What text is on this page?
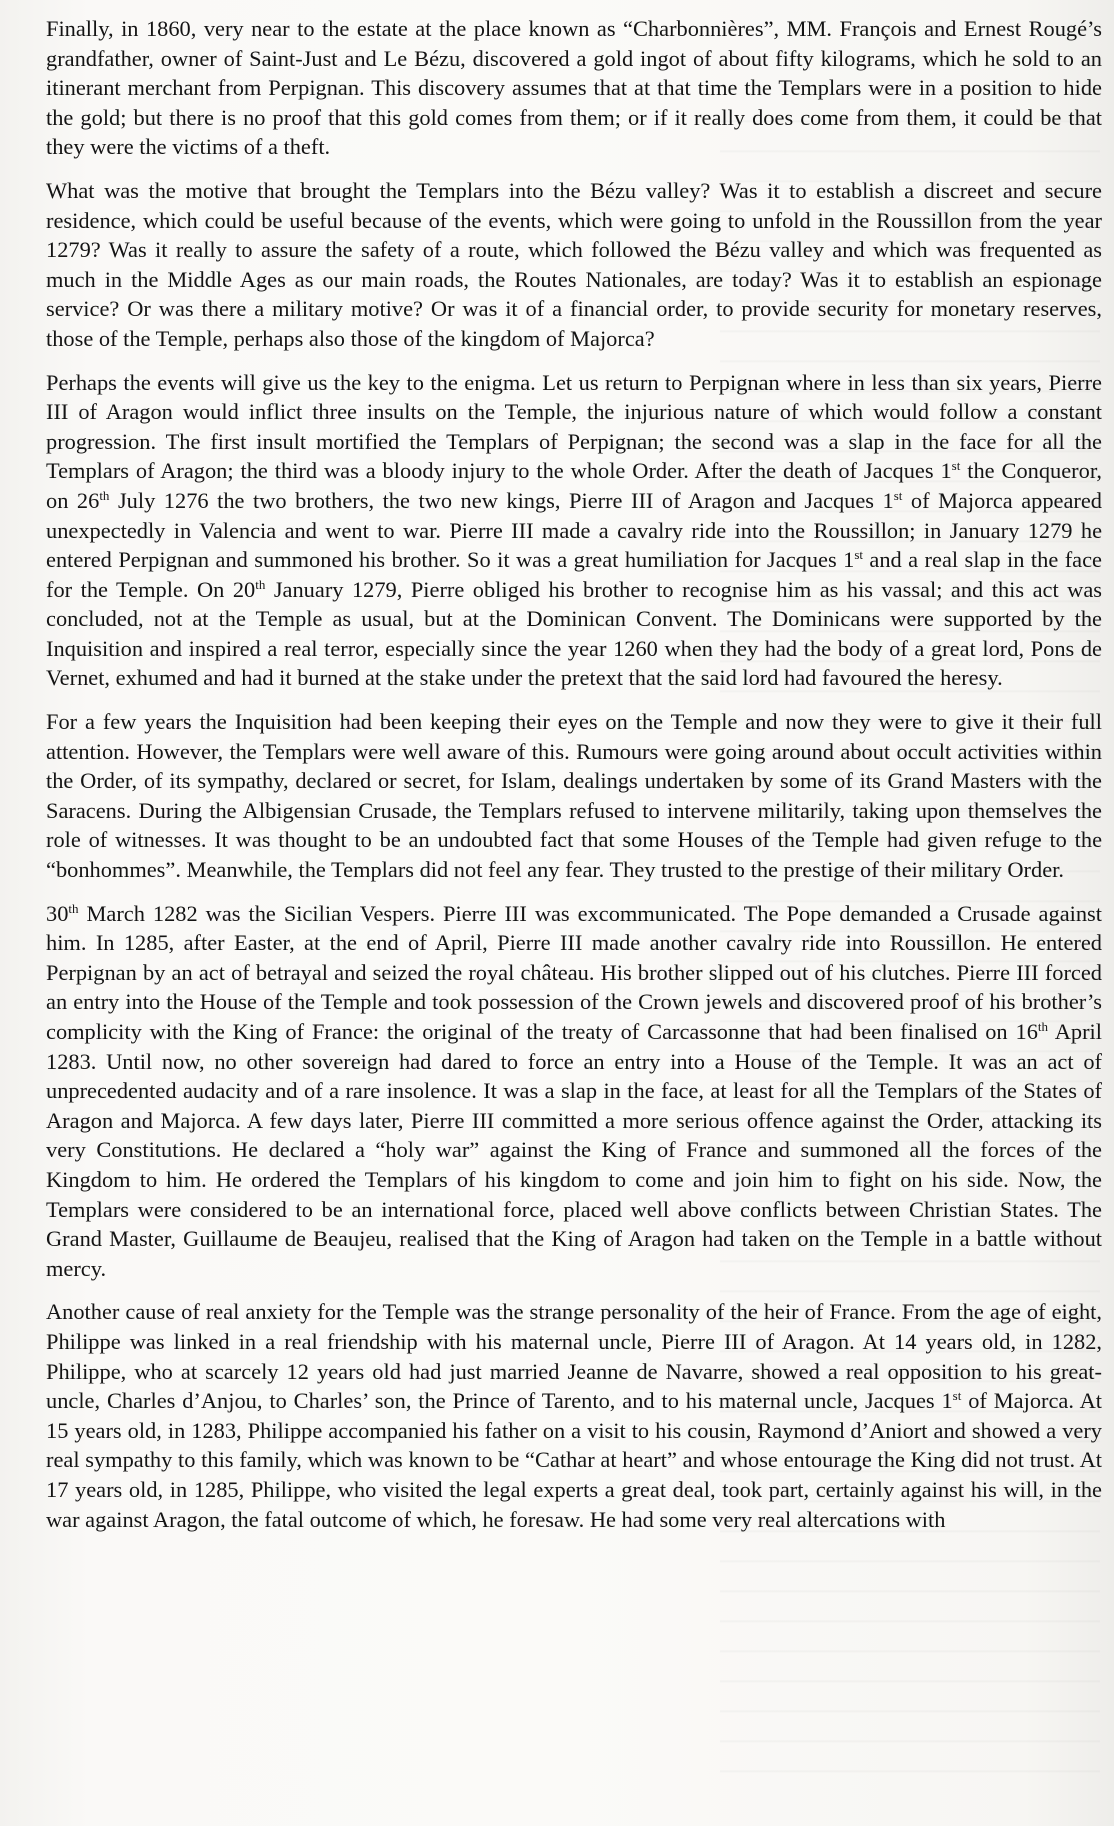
Finally, in 1860, very near to the estate at the place known as “Charbonnières”, MM. François and Ernest Rougé’s grandfather, owner of Saint-Just and Le Bézu, discovered a gold ingot of about fifty kilograms, which he sold to an itinerant merchant from Perpignan. This discovery assumes that at that time the Templars were in a position to hide the gold; but there is no proof that this gold comes from them; or if it really does come from them, it could be that they were the victims of a theft.

What was the motive that brought the Templars into the Bézu valley? Was it to establish a discreet and secure residence, which could be useful because of the events, which were going to unfold in the Roussillon from the year 1279? Was it really to assure the safety of a route, which followed the Bézu valley and which was frequented as much in the Middle Ages as our main roads, the Routes Nationales, are today? Was it to establish an espionage service? Or was there a military motive? Or was it of a financial order, to provide security for monetary reserves, those of the Temple, perhaps also those of the kingdom of Majorca?

Perhaps the events will give us the key to the enigma. Let us return to Perpignan where in less than six years, Pierre III of Aragon would inflict three insults on the Temple, the injurious nature of which would follow a constant progression. The first insult mortified the Templars of Perpignan; the second was a slap in the face for all the Templars of Aragon; the third was a bloody injury to the whole Order. After the death of Jacques 1st the Conqueror, on 26th July 1276 the two brothers, the two new kings, Pierre III of Aragon and Jacques 1st of Majorca appeared unexpectedly in Valencia and went to war. Pierre III made a cavalry ride into the Roussillon; in January 1279 he entered Perpignan and summoned his brother. So it was a great humiliation for Jacques 1st and a real slap in the face for the Temple. On 20th January 1279, Pierre obliged his brother to recognise him as his vassal; and this act was concluded, not at the Temple as usual, but at the Dominican Convent. The Dominicans were supported by the Inquisition and inspired a real terror, especially since the year 1260 when they had the body of a great lord, Pons de Vernet, exhumed and had it burned at the stake under the pretext that the said lord had favoured the heresy.

For a few years the Inquisition had been keeping their eyes on the Temple and now they were to give it their full attention. However, the Templars were well aware of this. Rumours were going around about occult activities within the Order, of its sympathy, declared or secret, for Islam, dealings undertaken by some of its Grand Masters with the Saracens. During the Albigensian Crusade, the Templars refused to intervene militarily, taking upon themselves the role of witnesses. It was thought to be an undoubted fact that some Houses of the Temple had given refuge to the “bonhommes”. Meanwhile, the Templars did not feel any fear. They trusted to the prestige of their military Order.

30th March 1282 was the Sicilian Vespers. Pierre III was excommunicated. The Pope demanded a Crusade against him. In 1285, after Easter, at the end of April, Pierre III made another cavalry ride into Roussillon. He entered Perpignan by an act of betrayal and seized the royal château. His brother slipped out of his clutches. Pierre III forced an entry into the House of the Temple and took possession of the Crown jewels and discovered proof of his brother’s complicity with the King of France: the original of the treaty of Carcassonne that had been finalised on 16th April 1283. Until now, no other sovereign had dared to force an entry into a House of the Temple. It was an act of unprecedented audacity and of a rare insolence. It was a slap in the face, at least for all the Templars of the States of Aragon and Majorca. A few days later, Pierre III committed a more serious offence against the Order, attacking its very Constitutions. He declared a “holy war” against the King of France and summoned all the forces of the Kingdom to him. He ordered the Templars of his kingdom to come and join him to fight on his side. Now, the Templars were considered to be an international force, placed well above conflicts between Christian States. The Grand Master, Guillaume de Beaujeu, realised that the King of Aragon had taken on the Temple in a battle without mercy.

Another cause of real anxiety for the Temple was the strange personality of the heir of France. From the age of eight, Philippe was linked in a real friendship with his maternal uncle, Pierre III of Aragon. At 14 years old, in 1282, Philippe, who at scarcely 12 years old had just married Jeanne de Navarre, showed a real opposition to his great-uncle, Charles d’Anjou, to Charles’ son, the Prince of Tarento, and to his maternal uncle, Jacques 1st of Majorca. At 15 years old, in 1283, Philippe accompanied his father on a visit to his cousin, Raymond d’Aniort and showed a very real sympathy to this family, which was known to be “Cathar at heart” and whose entourage the King did not trust. At 17 years old, in 1285, Philippe, who visited the legal experts a great deal, took part, certainly against his will, in the war against Aragon, the fatal outcome of which, he foresaw. He had some very real altercations with
